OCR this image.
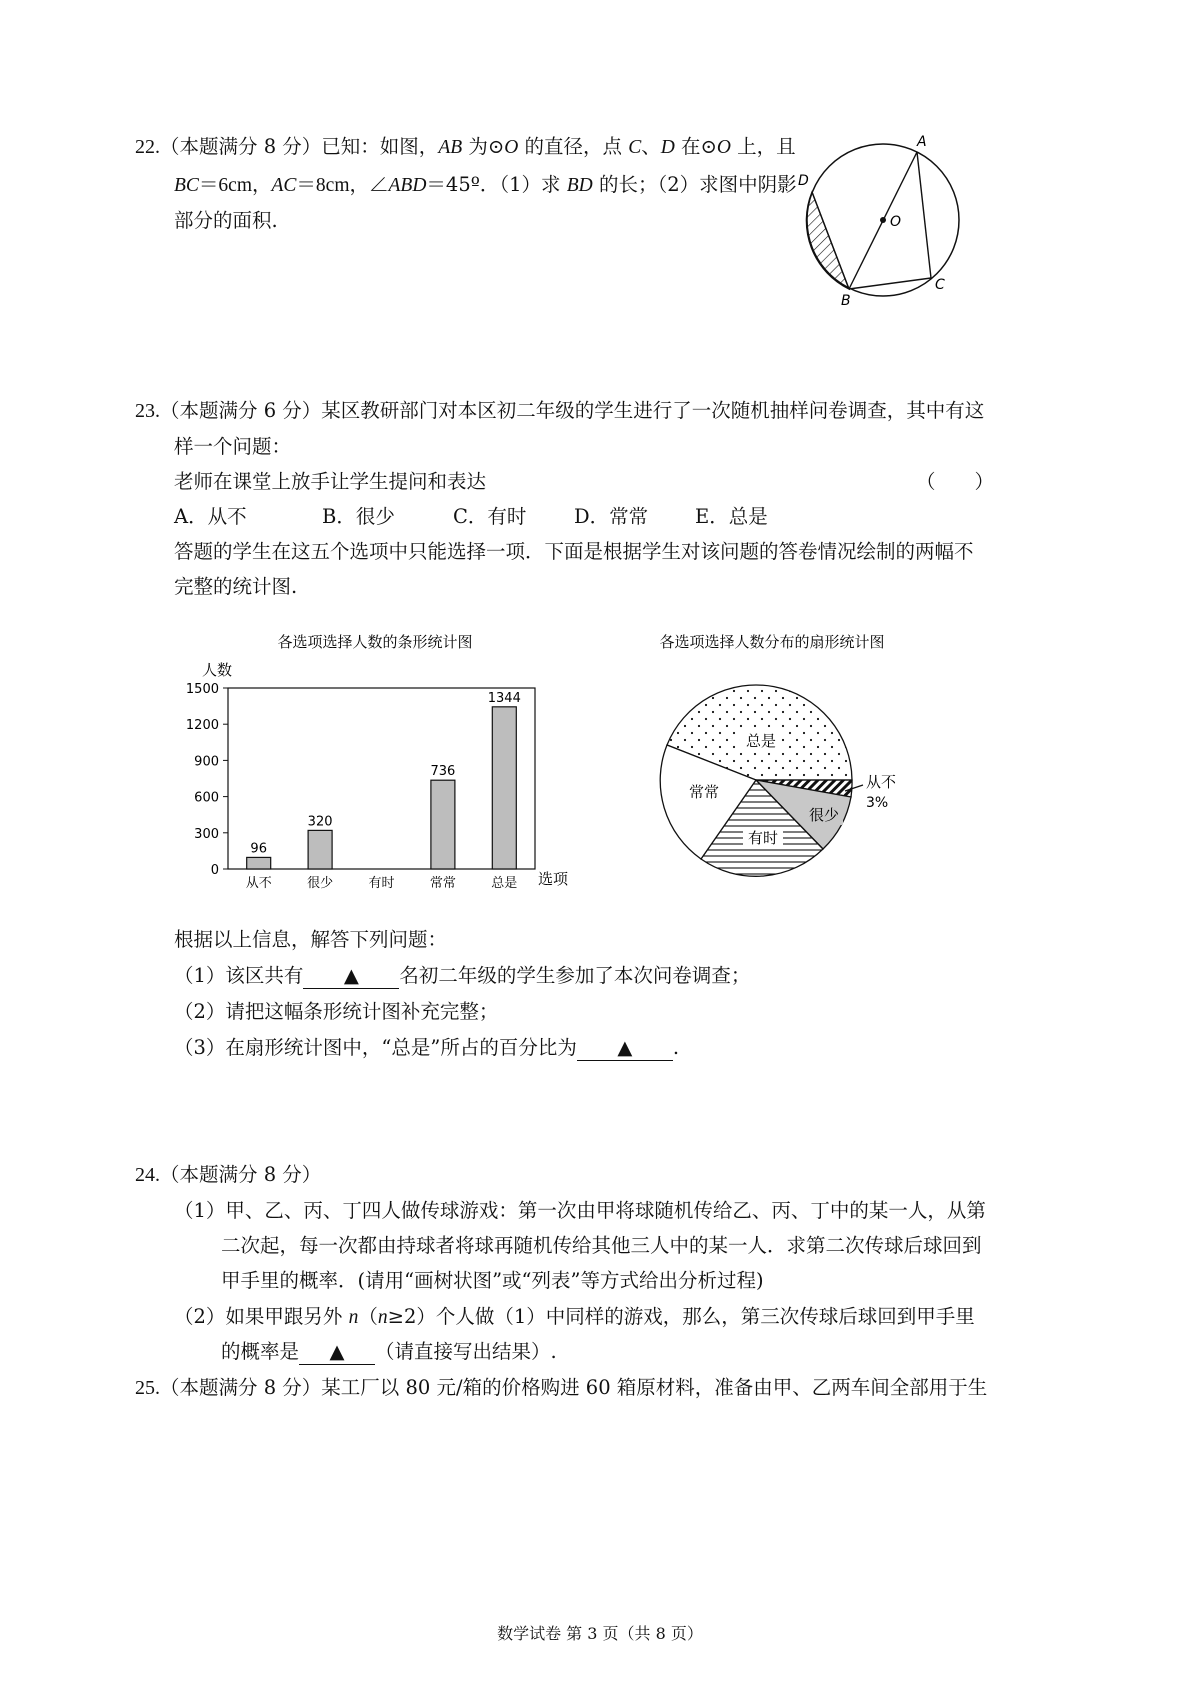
22.（本题满分 8 分）已知：如图，AB 为⊙O 的直径，点 C、D 在⊙O 上，且
BC＝6cm，AC＝8cm，∠ABD＝45º．（1）求 BD 的长；（2）求图中阴影
部分的面积.
A
B
C
D
O
23.（本题满分 6 分）某区教研部门对本区初二年级的学生进行了一次随机抽样问卷调查，其中有这
样一个问题：
老师在课堂上放手让学生提问和表达	（　　）
A．从不	B．很少	C．有时 D．常常 E．总是
答题的学生在这五个选项中只能选择一项．下面是根据学生对该问题的答卷情况绘制的两幅不
完整的统计图.
各选项选择人数的条形统计图
人数
选项
0
300
600
900
1200
1500
96
320
736
1344
从不	很少	有时	常常	总是
各选项选择人数分布的扇形统计图
总是
常常
有时
很少
从不
3%
根据以上信息，解答下列问题：
（1）该区共有 ▲ 名初二年级的学生参加了本次问卷调查；
（2）请把这幅条形统计图补充完整；
（3）在扇形统计图中，“总是”所占的百分比为 ▲ .
24.（本题满分 8 分）
（1）甲、乙、丙、丁四人做传球游戏：第一次由甲将球随机传给乙、丙、丁中的某一人，从第
二次起，每一次都由持球者将球再随机传给其他三人中的某一人．求第二次传球后球回到
甲手里的概率．(请用“画树状图”或“列表”等方式给出分析过程)
（2）如果甲跟另外 n（n≥2）个人做（1）中同样的游戏，那么，第三次传球后球回到甲手里
的概率是 ▲ （请直接写出结果）.
25.（本题满分 8 分）某工厂以 80 元/箱的价格购进 60 箱原材料，准备由甲、乙两车间全部用于生
数学试卷 第 3 页（共 8 页）
